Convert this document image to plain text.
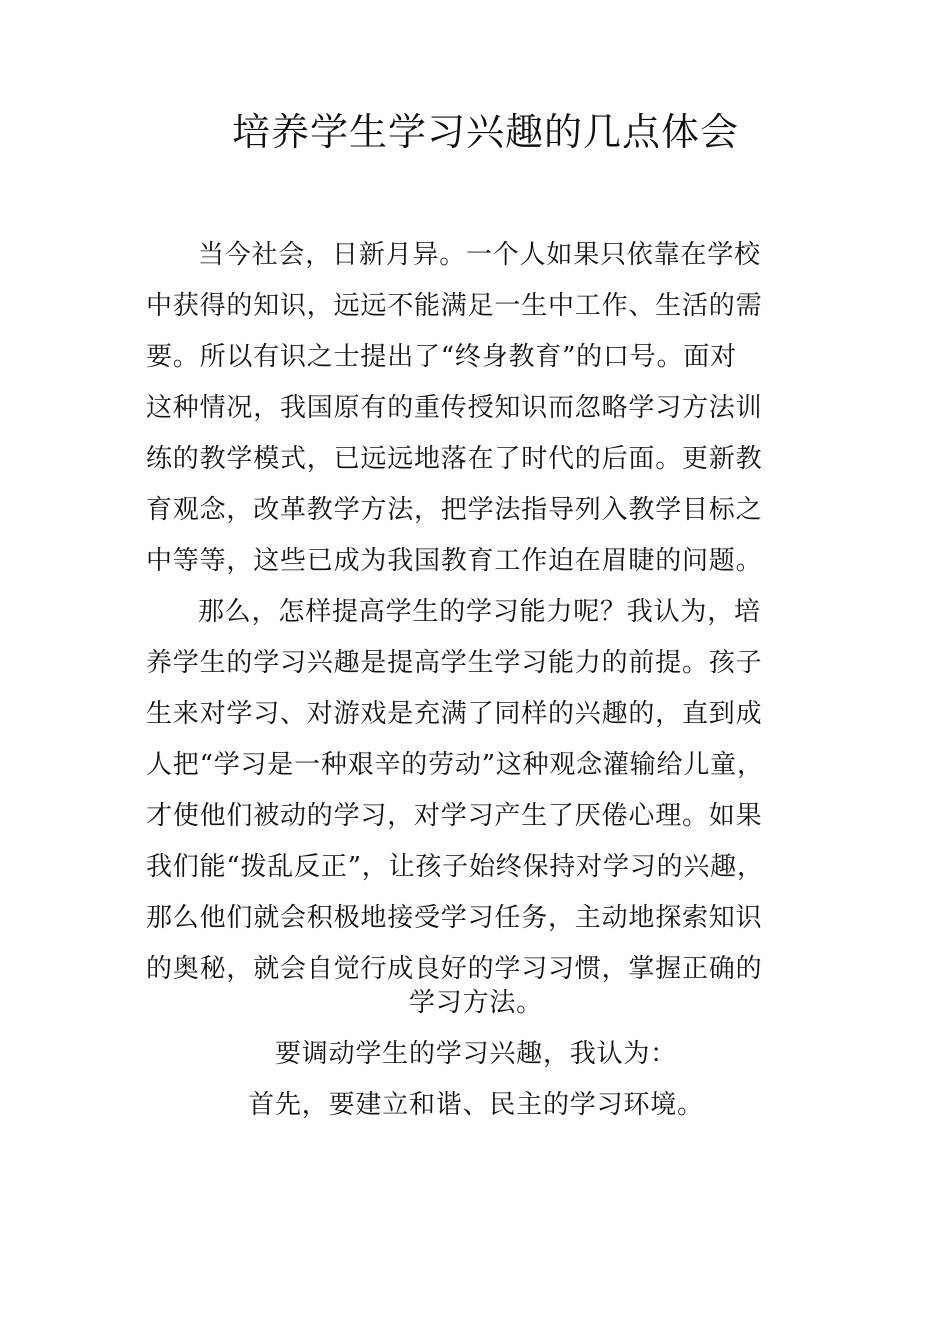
培养学生学习兴趣的几点体会

当今社会，日新月异。一个人如果只依靠在学校
中获得的知识，远远不能满足一生中工作、生活的需
要。所以有识之士提出了“终身教育”的口号。面对
这种情况，我国原有的重传授知识而忽略学习方法训
练的教学模式，已远远地落在了时代的后面。更新教
育观念，改革教学方法，把学法指导列入教学目标之
中等等，这些已成为我国教育工作迫在眉睫的问题。

那么，怎样提高学生的学习能力呢？我认为，培
养学生的学习兴趣是提高学生学习能力的前提。孩子
生来对学习、对游戏是充满了同样的兴趣的，直到成
人把“学习是一种艰辛的劳动”这种观念灌输给儿童，
才使他们被动的学习，对学习产生了厌倦心理。如果
我们能“拨乱反正”，让孩子始终保持对学习的兴趣，
那么他们就会积极地接受学习任务，主动地探索知识
的奥秘，就会自觉行成良好的学习习惯，掌握正确的

学习方法。
要调动学生的学习兴趣，我认为：
首先，要建立和谐、民主的学习环境。
